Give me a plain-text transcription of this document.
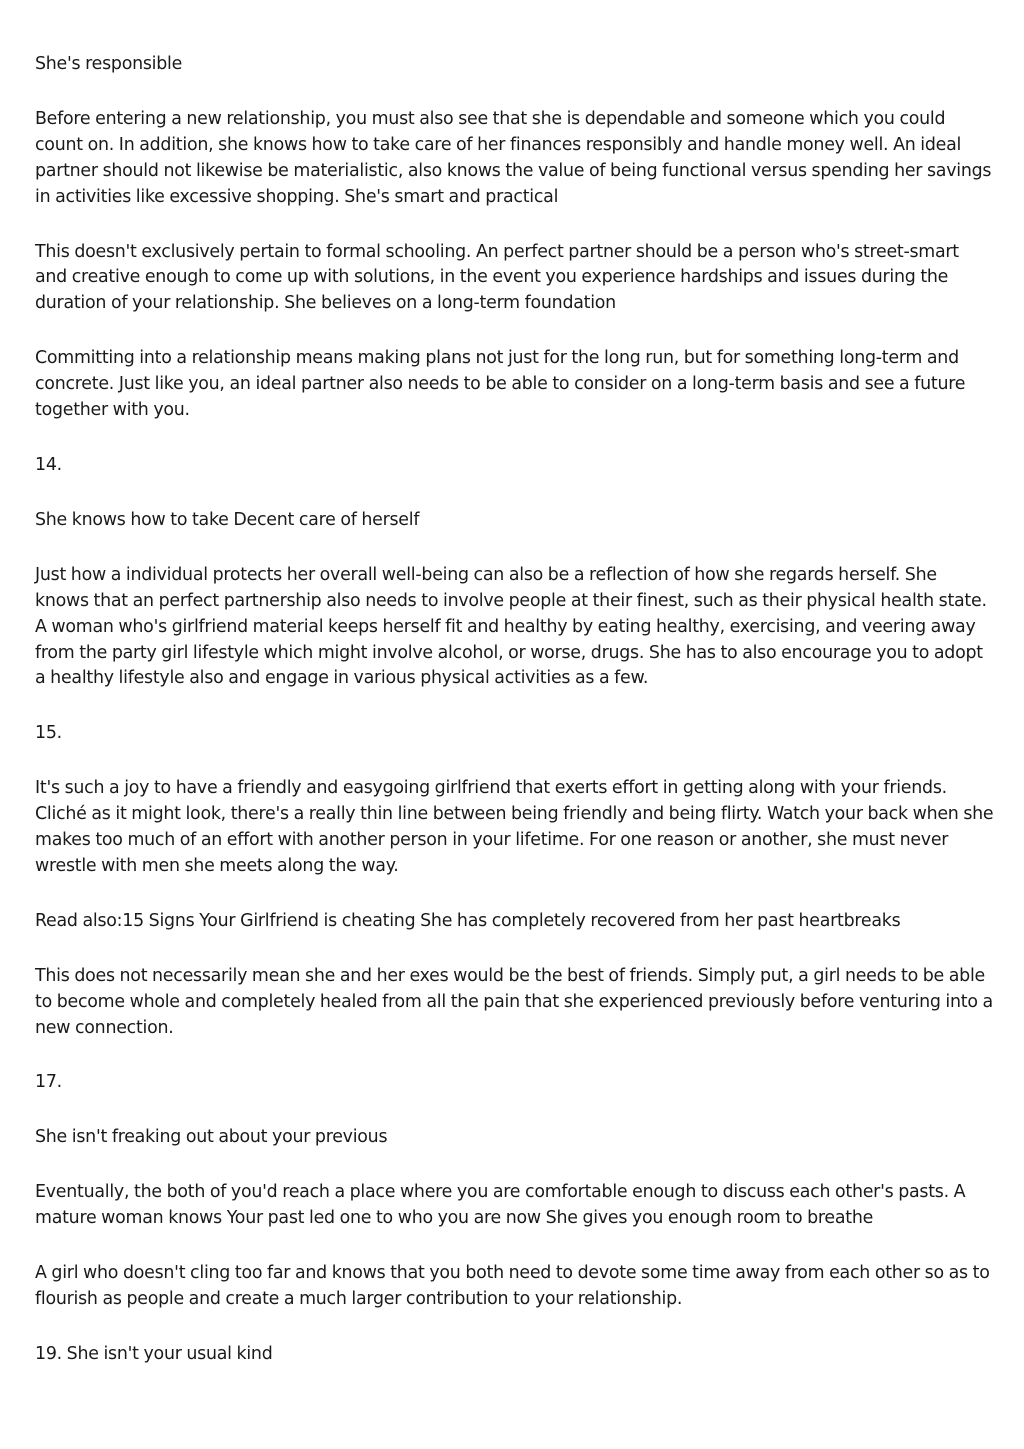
She's responsible

Before entering a new relationship, you must also see that she is dependable and someone which you could count on. In addition, she knows how to take care of her finances responsibly and handle money well. An ideal partner should not likewise be materialistic, also knows the value of being functional versus spending her savings in activities like excessive shopping. She's smart and practical

This doesn't exclusively pertain to formal schooling. An perfect partner should be a person who's street-smart and creative enough to come up with solutions, in the event you experience hardships and issues during the duration of your relationship. She believes on a long-term foundation

Committing into a relationship means making plans not just for the long run, but for something long-term and concrete. Just like you, an ideal partner also needs to be able to consider on a long-term basis and see a future together with you.

14.

She knows how to take Decent care of herself

Just how a individual protects her overall well-being can also be a reflection of how she regards herself. She knows that an perfect partnership also needs to involve people at their finest, such as their physical health state. A woman who's girlfriend material keeps herself fit and healthy by eating healthy, exercising, and veering away from the party girl lifestyle which might involve alcohol, or worse, drugs. She has to also encourage you to adopt a healthy lifestyle also and engage in various physical activities as a few.

15.

It's such a joy to have a friendly and easygoing girlfriend that exerts effort in getting along with your friends. Cliché as it might look, there's a really thin line between being friendly and being flirty. Watch your back when she makes too much of an effort with another person in your lifetime. For one reason or another, she must never wrestle with men she meets along the way.

Read also:15 Signs Your Girlfriend is cheating She has completely recovered from her past heartbreaks

This does not necessarily mean she and her exes would be the best of friends. Simply put, a girl needs to be able to become whole and completely healed from all the pain that she experienced previously before venturing into a new connection.

17.

She isn't freaking out about your previous

Eventually, the both of you'd reach a place where you are comfortable enough to discuss each other's pasts. A mature woman knows Your past led one to who you are now She gives you enough room to breathe

A girl who doesn't cling too far and knows that you both need to devote some time away from each other so as to flourish as people and create a much larger contribution to your relationship.

19. She isn't your usual kind
